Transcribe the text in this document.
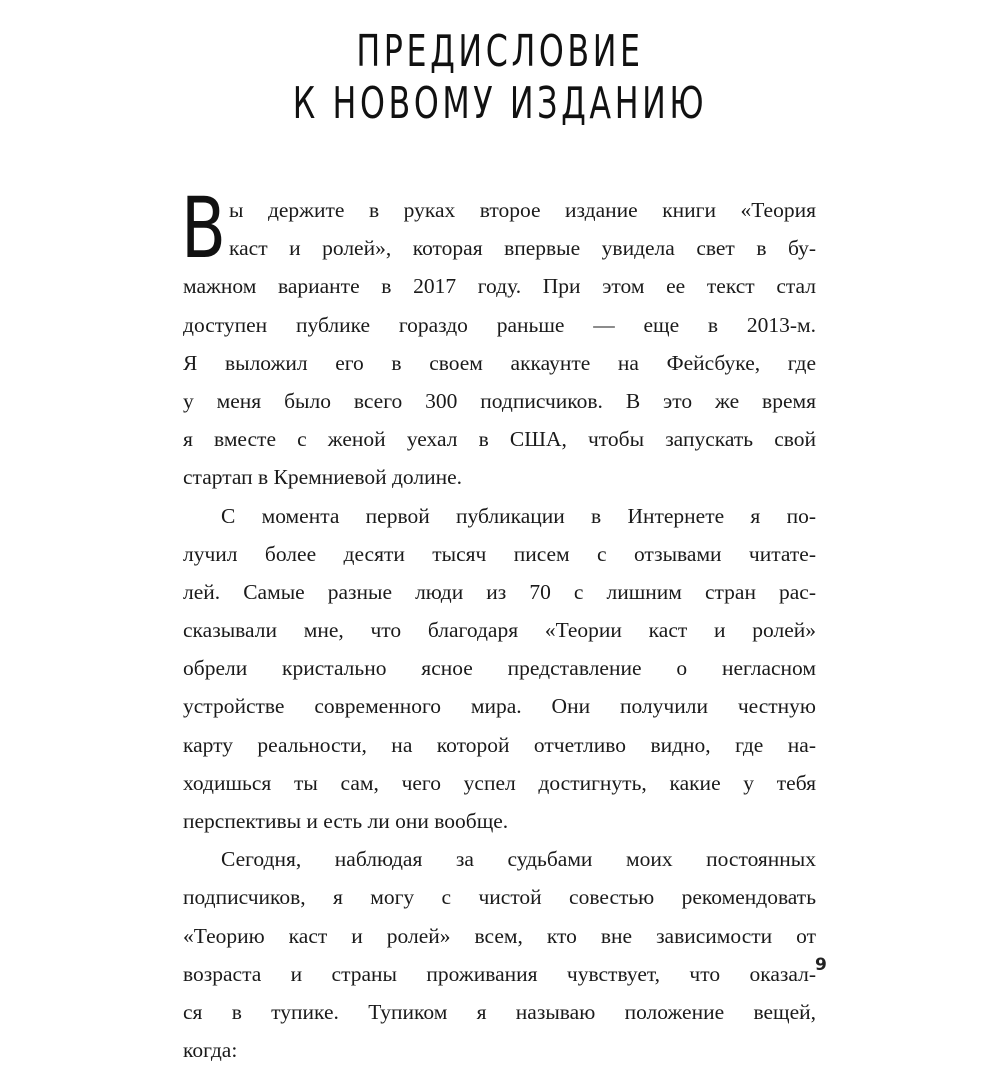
ПРЕДИСЛОВИЕ
К НОВОМУ ИЗДАНИЮ
В ы держите в руках второе издание книги «Теория
каст и ролей», которая впервые увидела свет в бу-
мажном варианте в 2017 году. При этом ее текст стал
доступен публике гораздо раньше — еще в 2013-м.
Я выложил его в своем аккаунте на Фейсбуке, где
у меня было всего 300 подписчиков. В это же время
я вместе с женой уехал в США, чтобы запускать свой
стартап в Кремниевой долине.
С момента первой публикации в Интернете я по-
лучил более десяти тысяч писем с отзывами читате-
лей. Самые разные люди из 70 с лишним стран рас-
сказывали мне, что благодаря «Теории каст и ролей»
обрели кристально ясное представление о негласном
устройстве современного мира. Они получили честную
карту реальности, на которой отчетливо видно, где на-
ходишься ты сам, чего успел достигнуть, какие у тебя
перспективы и есть ли они вообще.
Сегодня, наблюдая за судьбами моих постоянных
подписчиков, я могу с чистой совестью рекомендовать
«Теорию каст и ролей» всем, кто вне зависимости от
возраста и страны проживания чувствует, что оказал-
ся в тупике. Тупиком я называю положение вещей,
когда:
9
